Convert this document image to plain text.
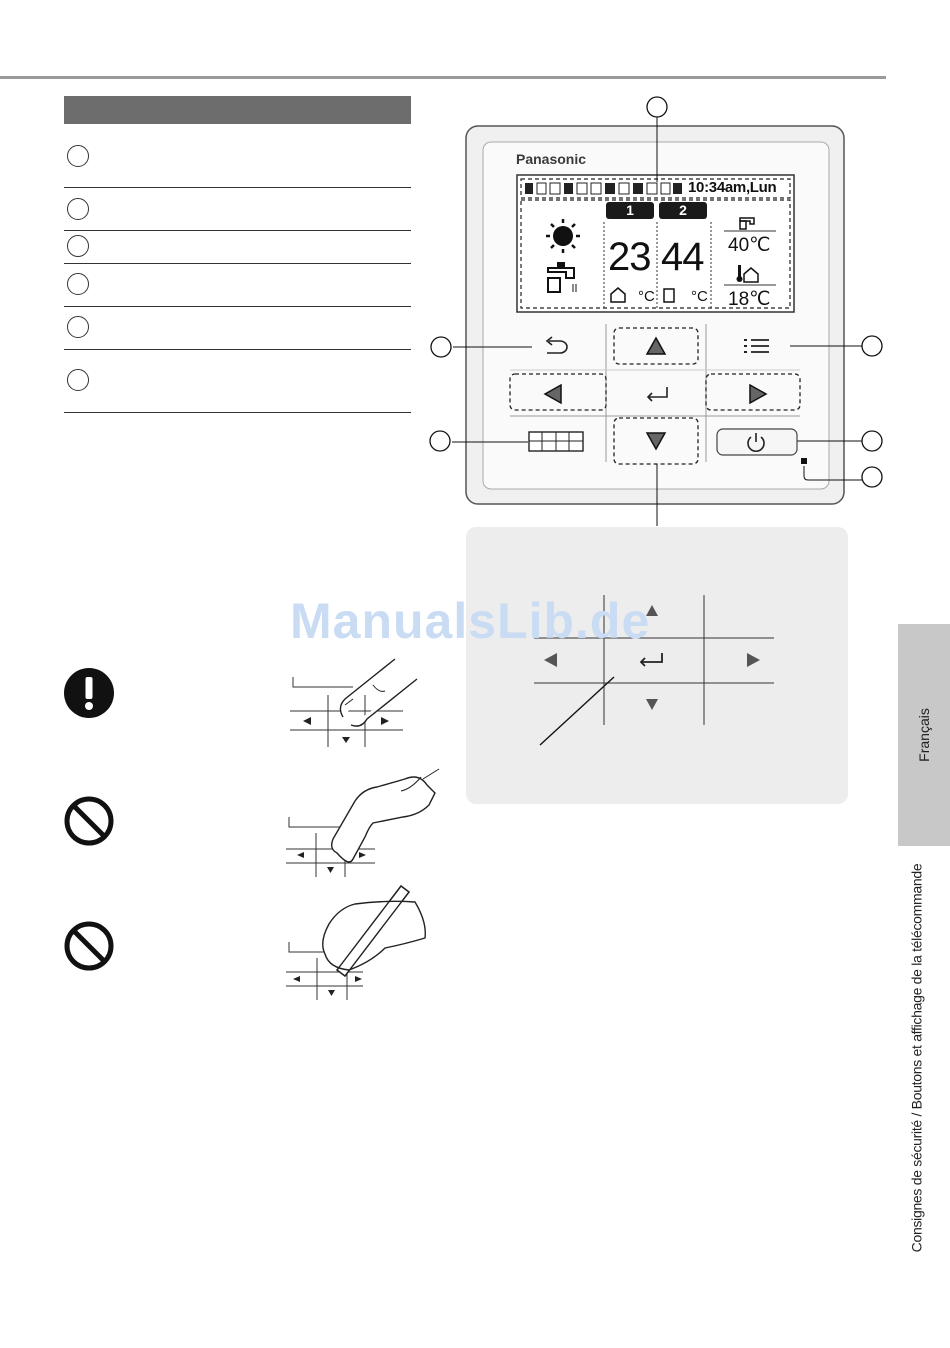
Panasonic
10:34am,Lun
1	2
23 44
°C °C
40℃
18℃
ManualsLib.de
Français
Consignes de sécurité / Boutons et affichage de la télécommande
